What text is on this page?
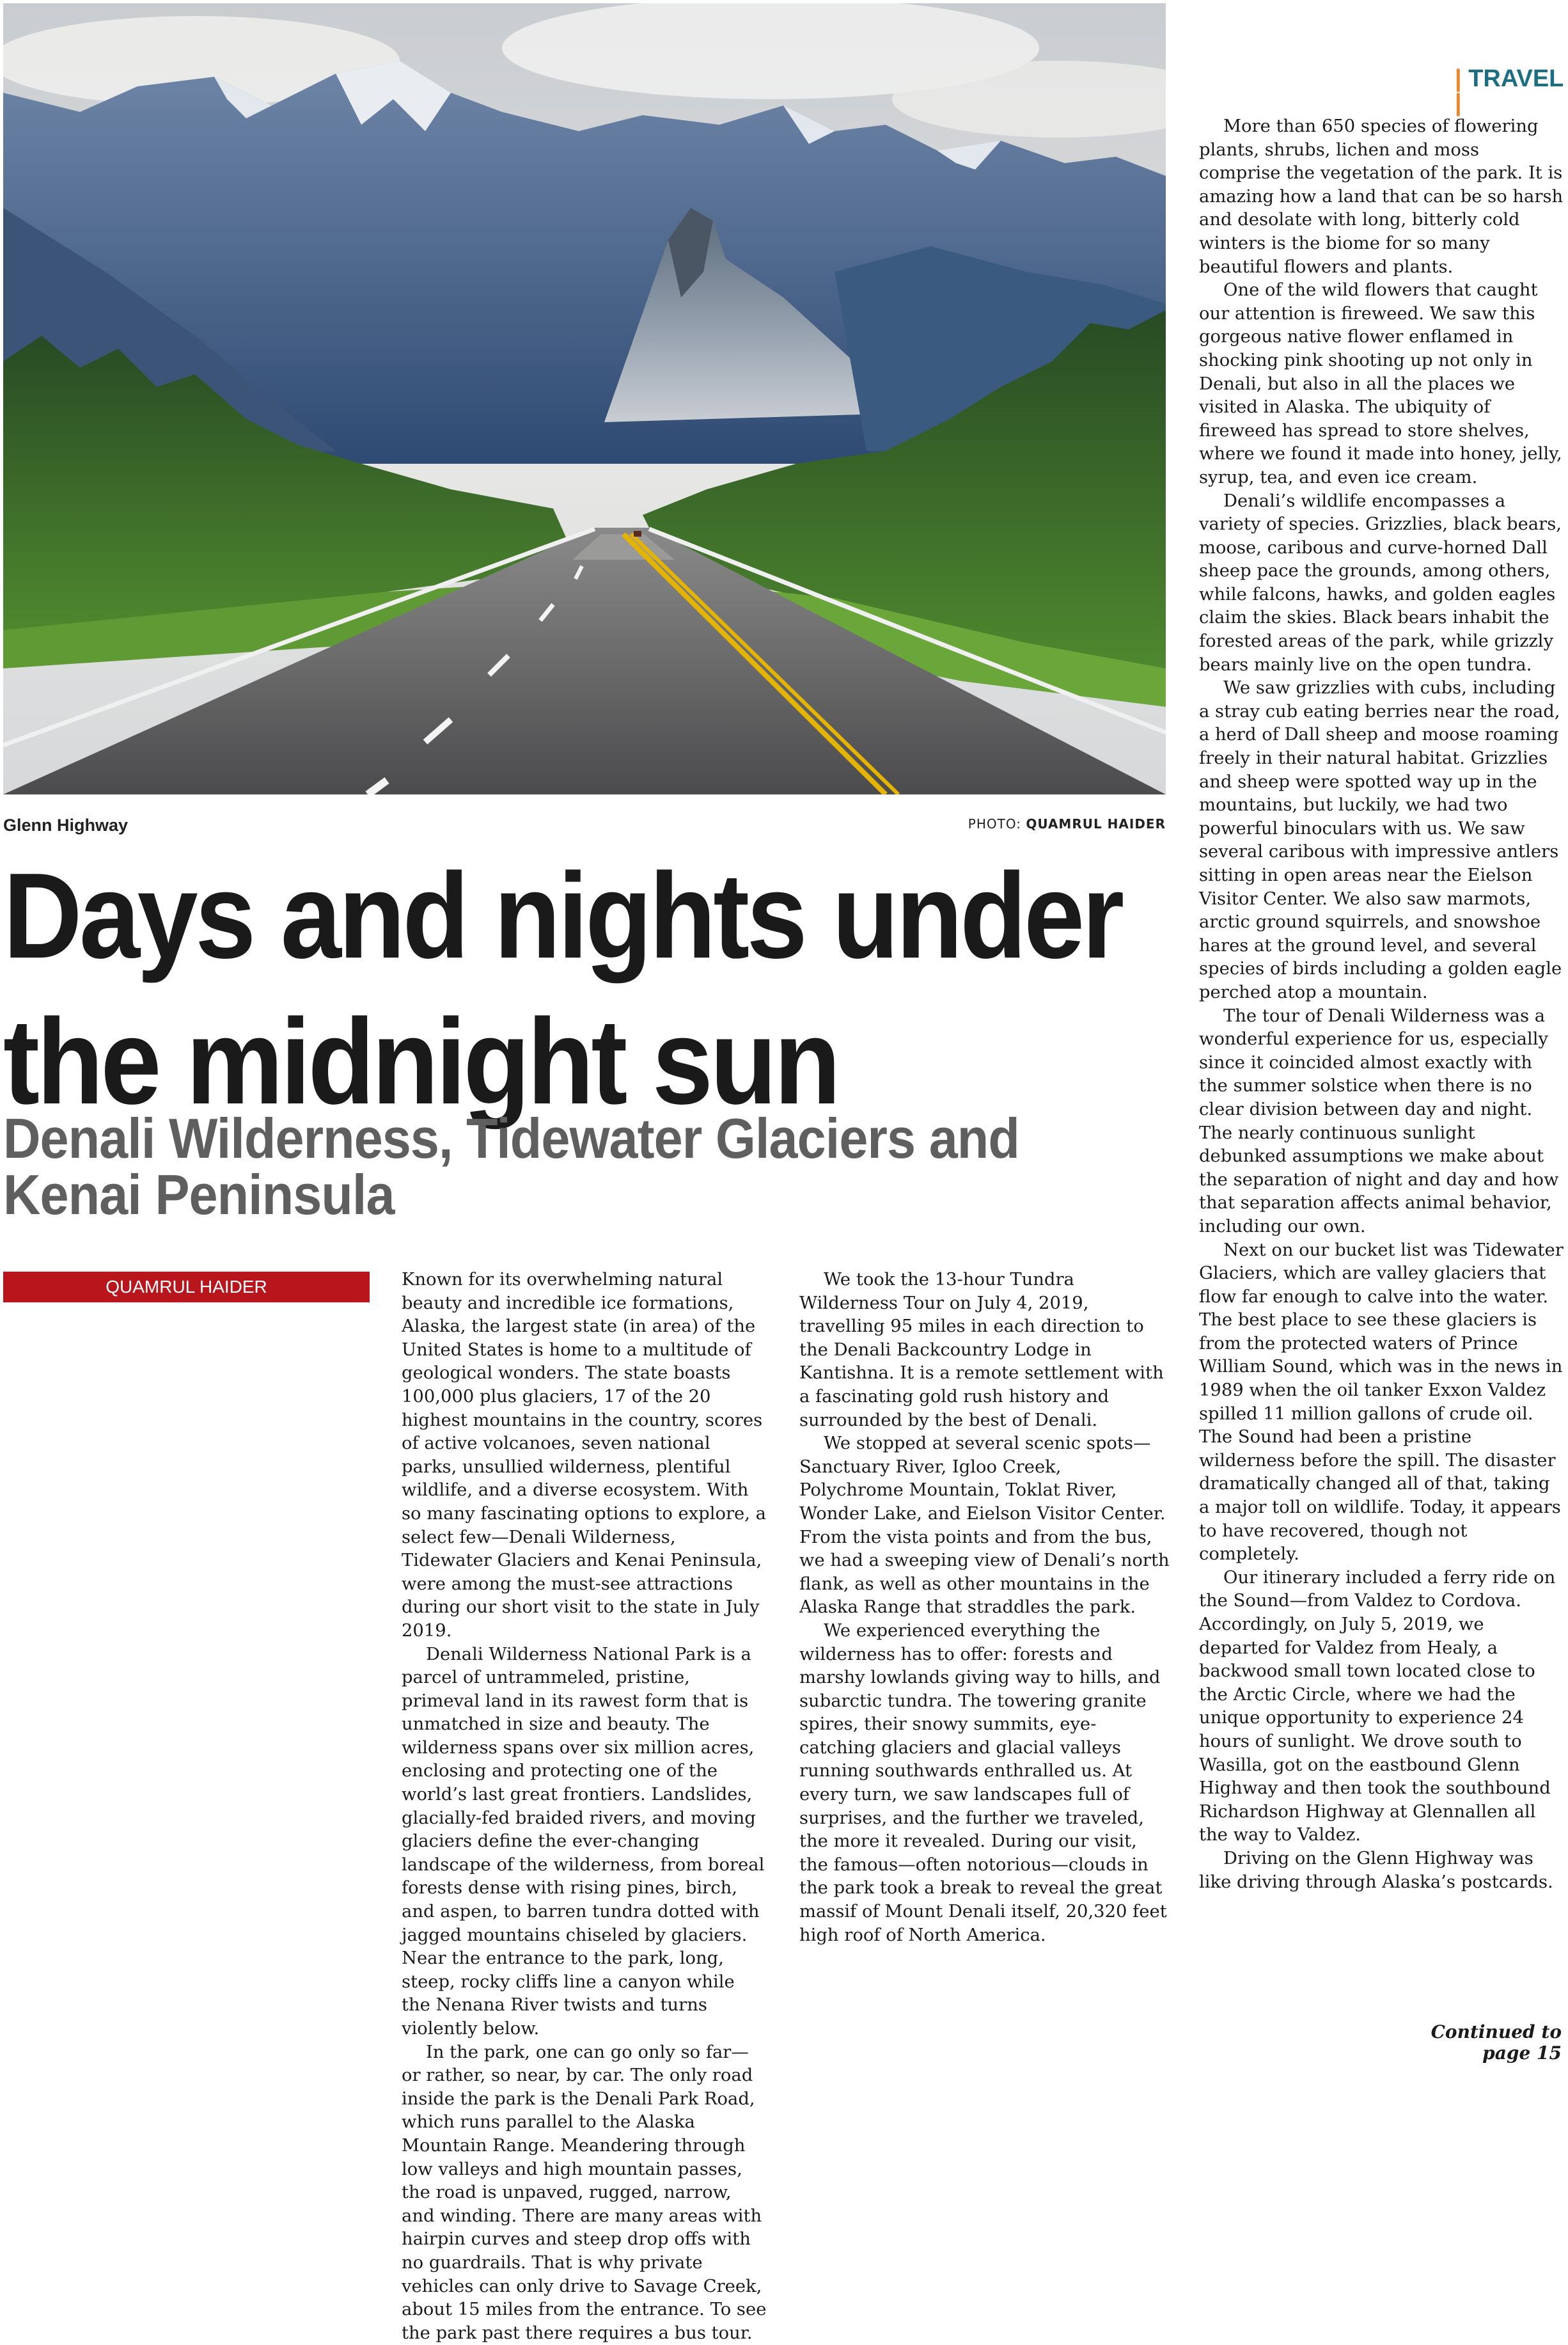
| TRAVEL |
Glenn Highway	PHOTO: QUAMRUL HAIDER
Days and nights under
the midnight sun
Denali Wilderness, Tidewater Glaciers and
Kenai Peninsula
QUAMRUL HAIDER	Known for its overwhelming natural beauty and incredible ice formations, Alaska, the largest state (in area) of the United States is home to a multitude of geological wonders. The state boasts 100,000 plus glaciers, 17 of the 20 highest mountains in the country, scores of active volcanoes, seven national parks, unsullied wilderness, plentiful wildlife, and a diverse ecosystem. With so many fascinating options to explore, a select few—Denali Wilderness, Tidewater Glaciers and Kenai Peninsula, were among the must-see attractions during our short visit to the state in July 2019.

Denali Wilderness National Park is a parcel of untrammeled, pristine, primeval land in its rawest form that is unmatched in size and beauty. The wilderness spans over six million acres, enclosing and protecting one of the world’s last great frontiers. Landslides, glacially-fed braided rivers, and moving glaciers define the ever-changing landscape of the wilderness, from boreal forests dense with rising pines, birch, and aspen, to barren tundra dotted with jagged mountains chiseled by glaciers. Near the entrance to the park, long, steep, rocky cliffs line a canyon while the Nenana River twists and turns violently below.

In the park, one can go only so far—or rather, so near, by car. The only road inside the park is the Denali Park Road, which runs parallel to the Alaska Mountain Range. Meandering through low valleys and high mountain passes, the road is unpaved, rugged, narrow, and winding. There are many areas with hairpin curves and steep drop offs with no guardrails. That is why private vehicles can only drive to Savage Creek, about 15 miles from the entrance. To see the park past there requires a bus tour.

We took the 13-hour Tundra Wilderness Tour on July 4, 2019, travelling 95 miles in each direction to the Denali Backcountry Lodge in Kantishna. It is a remote settlement with a fascinating gold rush history and surrounded by the best of Denali.

We stopped at several scenic spots—Sanctuary River, Igloo Creek, Polychrome Mountain, Toklat River, Wonder Lake, and Eielson Visitor Center. From the vista points and from the bus, we had a sweeping view of Denali’s north flank, as well as other mountains in the Alaska Range that straddles the park.

We experienced everything the wilderness has to offer: forests and marshy lowlands giving way to hills, and subarctic tundra. The towering granite spires, their snowy summits, eye-catching glaciers and glacial valleys running southwards enthralled us. At every turn, we saw landscapes full of surprises, and the further we traveled, the more it revealed. During our visit, the famous—often notorious—clouds in the park took a break to reveal the great massif of Mount Denali itself, 20,320 feet high roof of North America.

More than 650 species of flowering plants, shrubs, lichen and moss comprise the vegetation of the park. It is amazing how a land that can be so harsh and desolate with long, bitterly cold winters is the biome for so many beautiful flowers and plants.

One of the wild flowers that caught our attention is fireweed. We saw this gorgeous native flower enflamed in shocking pink shooting up not only in Denali, but also in all the places we visited in Alaska. The ubiquity of fireweed has spread to store shelves, where we found it made into honey, jelly, syrup, tea, and even ice cream.

Denali’s wildlife encompasses a variety of species. Grizzlies, black bears, moose, caribous and curve-horned Dall sheep pace the grounds, among others, while falcons, hawks, and golden eagles claim the skies. Black bears inhabit the forested areas of the park, while grizzly bears mainly live on the open tundra.

We saw grizzlies with cubs, including a stray cub eating berries near the road, a herd of Dall sheep and moose roaming freely in their natural habitat. Grizzlies and sheep were spotted way up in the mountains, but luckily, we had two powerful binoculars with us. We saw several caribous with impressive antlers sitting in open areas near the Eielson Visitor Center. We also saw marmots, arctic ground squirrels, and snowshoe hares at the ground level, and several species of birds including a golden eagle perched atop a mountain.

The tour of Denali Wilderness was a wonderful experience for us, especially since it coincided almost exactly with the summer solstice when there is no clear division between day and night. The nearly continuous sunlight debunked assumptions we make about the separation of night and day and how that separation affects animal behavior, including our own.

Next on our bucket list was Tidewater Glaciers, which are valley glaciers that flow far enough to calve into the water. The best place to see these glaciers is from the protected waters of Prince William Sound, which was in the news in 1989 when the oil tanker Exxon Valdez spilled 11 million gallons of crude oil. The Sound had been a pristine wilderness before the spill. The disaster dramatically changed all of that, taking a major toll on wildlife. Today, it appears to have recovered, though not completely.

Our itinerary included a ferry ride on the Sound—from Valdez to Cordova. Accordingly, on July 5, 2019, we departed for Valdez from Healy, a backwood small town located close to the Arctic Circle, where we had the unique opportunity to experience 24 hours of sunlight. We drove south to Wasilla, got on the eastbound Glenn Highway and then took the southbound Richardson Highway at Glennallen all the way to Valdez.

Driving on the Glenn Highway was like driving through Alaska’s postcards.

Continued to page 15
